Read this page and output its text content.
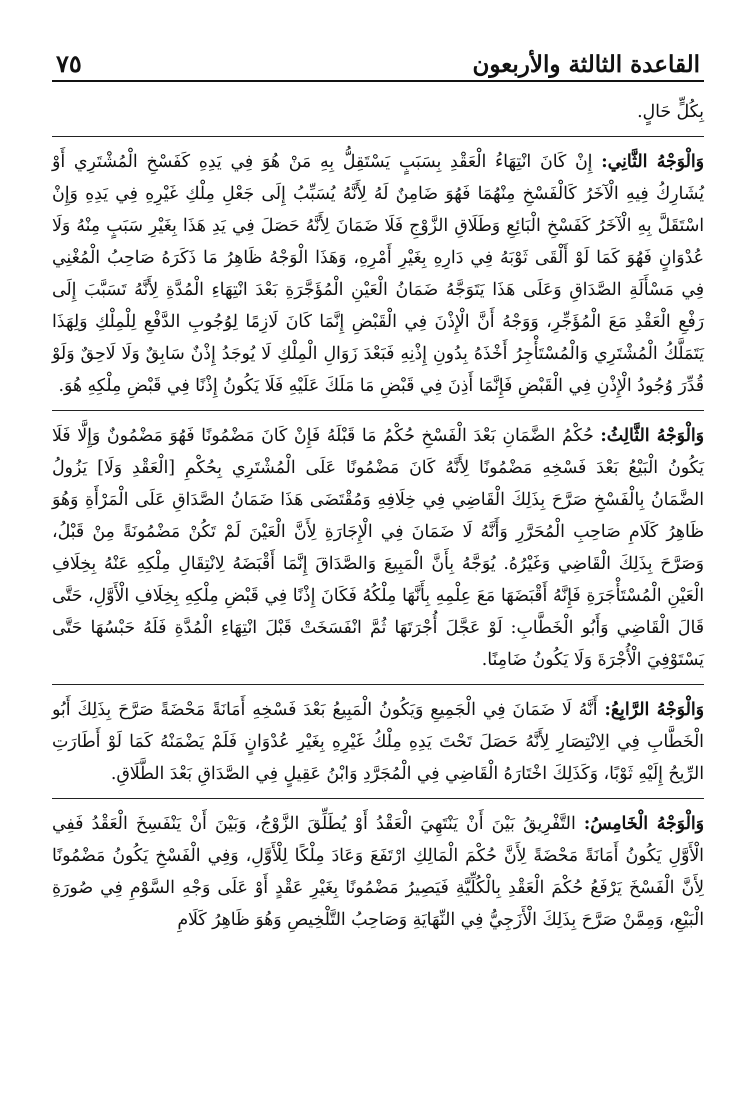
القاعدة الثالثة والأربعون
٧٥

بِكُلٍّ حَالٍ.

وَالْوَجْهُ الثَّانِي: إِنْ كَانَ انْتِهَاءُ الْعَقْدِ بِسَبَبٍ يَسْتَقِلُّ بِهِ مَنْ هُوَ فِي يَدِهِ كَفَسْخِ الْمُشْتَرِي أَوْ يُشَارِكُ فِيهِ الْآخَرُ كَالْفَسْخِ مِنْهُمَا فَهُوَ ضَامِنٌ لَهُ لِأَنَّهُ يُسَبِّبُ إِلَى جَعْلِ مِلْكِ غَيْرِهِ فِي يَدِهِ وَإِنْ اسْتَقَلَّ بِهِ الْآخَرُ كَفَسْخِ الْبَائِعِ وَطَلَاقِ الزَّوْجِ فَلَا ضَمَانَ لِأَنَّهُ حَصَلَ فِي يَدِ هَذَا بِغَيْرِ سَبَبٍ مِنْهُ وَلَا عُدْوَانٍ فَهُوَ كَمَا لَوْ أَلْقَى ثَوْبَهُ فِي دَارِهِ بِغَيْرِ أَمْرِهِ، وَهَذَا الْوَجْهُ ظَاهِرُ مَا ذَكَرَهُ صَاحِبُ الْمُغْنِي فِي مَسْأَلَةِ الصَّدَاقِ وَعَلَى هَذَا يَتَوَجَّهُ ضَمَانُ الْعَيْنِ الْمُؤَجَّرَةِ بَعْدَ انْتِهَاءِ الْمُدَّةِ لِأَنَّهُ تَسَبَّبَ إِلَى رَفْعِ الْعَقْدِ مَعَ الْمُؤَجِّرِ، وَوَجْهُ أَنَّ الْإِذْنَ فِي الْقَبْضِ إِنَّمَا كَانَ لَازِمًا لِوُجُوبِ الدَّفْعِ لِلْمِلْكِ وَلِهَذَا يَتَمَلَّكُ الْمُشْتَرِي وَالْمُسْتَأْجِرُ أَخْذَهُ بِدُونِ إِذْنِهِ فَبَعْدَ زَوَالِ الْمِلْكِ لَا يُوجَدُ إِذْنٌ سَابِقٌ وَلَا لَاحِقٌ وَلَوْ قُدِّرَ وُجُودُ الْإِذْنِ فِي الْقَبْضِ فَإِنَّمَا أَذِنَ فِي قَبْضِ مَا مَلَكَ عَلَيْهِ فَلَا يَكُونُ إِذْنًا فِي قَبْضِ مِلْكِهِ هُوَ.

وَالْوَجْهُ الثَّالِثُ: حُكْمُ الضَّمَانِ بَعْدَ الْفَسْخِ حُكْمُ مَا قَبْلَهُ فَإِنْ كَانَ مَضْمُونًا فَهُوَ مَضْمُونٌ وَإِلَّا فَلَا يَكُونُ الْبَيْعُ بَعْدَ فَسْخِهِ مَضْمُونًا لِأَنَّهُ كَانَ مَضْمُونًا عَلَى الْمُشْتَرِي بِحُكْمِ [الْعَقْدِ وَلَا] يَزُولُ الضَّمَانُ بِالْفَسْخِ صَرَّحَ بِذَلِكَ الْقَاضِي فِي خِلَافِهِ وَمُقْتَضَى هَذَا ضَمَانُ الصَّدَاقِ عَلَى الْمَرْأَةِ وَهُوَ ظَاهِرُ كَلَامِ صَاحِبِ الْمُحَرَّرِ وَأَنَّهُ لَا ضَمَانَ فِي الْإِجَارَةِ لِأَنَّ الْعَيْنَ لَمْ تَكُنْ مَضْمُونَةً مِنْ قَبْلُ، وَصَرَّحَ بِذَلِكَ الْقَاضِي وَغَيْرُهُ. يُوَجَّهُ بِأَنَّ الْمَبِيعَ وَالصَّدَاقَ إِنَّمَا أَقْبَضَهُ لِانْتِقَالِ مِلْكِهِ عَنْهُ بِخِلَافِ الْعَيْنِ الْمُسْتَأْجَرَةِ فَإِنَّهُ أَقْبَضَهَا مَعَ عِلْمِهِ بِأَنَّهَا مِلْكُهُ فَكَانَ إِذْنًا فِي قَبْضِ مِلْكِهِ بِخِلَافِ الْأَوَّلِ، حَتَّى قَالَ الْقَاضِي وَأَبُو الْخَطَّابِ: لَوْ عَجَّلَ أُجْرَتَهَا ثُمَّ انْفَسَخَتْ قَبْلَ انْتِهَاءِ الْمُدَّةِ فَلَهُ حَبْسُهَا حَتَّى يَسْتَوْفِيَ الْأُجْرَةَ وَلَا يَكُونُ ضَامِنًا.

وَالْوَجْهُ الرَّابِعُ: أَنَّهُ لَا ضَمَانَ فِي الْجَمِيعِ وَيَكُونُ الْمَبِيعُ بَعْدَ فَسْخِهِ أَمَانَةً مَحْضَةً صَرَّحَ بِذَلِكَ أَبُو الْخَطَّابِ فِي الِانْتِصَارِ لِأَنَّهُ حَصَلَ تَحْتَ يَدِهِ مِلْكُ غَيْرِهِ بِغَيْرِ عُدْوَانٍ فَلَمْ يَضْمَنْهُ كَمَا لَوْ أَطَارَتِ الرِّيحُ إِلَيْهِ ثَوْبًا، وَكَذَلِكَ اخْتَارَهُ الْقَاضِي فِي الْمُجَرَّدِ وَابْنُ عَقِيلٍ فِي الصَّدَاقِ بَعْدَ الطَّلَاقِ.

وَالْوَجْهُ الْخَامِسُ: التَّفْرِيقُ بَيْنَ أَنْ يَنْتَهِيَ الْعَقْدُ أَوْ يُطَلِّقَ الزَّوْجُ، وَبَيْنَ أَنْ يَنْفَسِخَ الْعَقْدُ فَفِي الْأَوَّلِ يَكُونُ أَمَانَةً مَحْضَةً لِأَنَّ حُكْمَ الْمَالِكِ ارْتَفَعَ وَعَادَ مِلْكًا لِلْأَوَّلِ، وَفِي الْفَسْخِ يَكُونُ مَضْمُونًا لِأَنَّ الْفَسْخَ يَرْفَعُ حُكْمَ الْعَقْدِ بِالْكُلِّيَّةِ فَيَصِيرُ مَضْمُونًا بِغَيْرِ عَقْدٍ أَوْ عَلَى وَجْهِ السَّوْمِ فِي صُورَةِ الْبَيْعِ، وَمِمَّنْ صَرَّحَ بِذَلِكَ الْأَزَجِيُّ فِي النِّهَايَةِ وَصَاحِبُ التَّلْخِيصِ وَهُوَ ظَاهِرُ كَلَامِ
